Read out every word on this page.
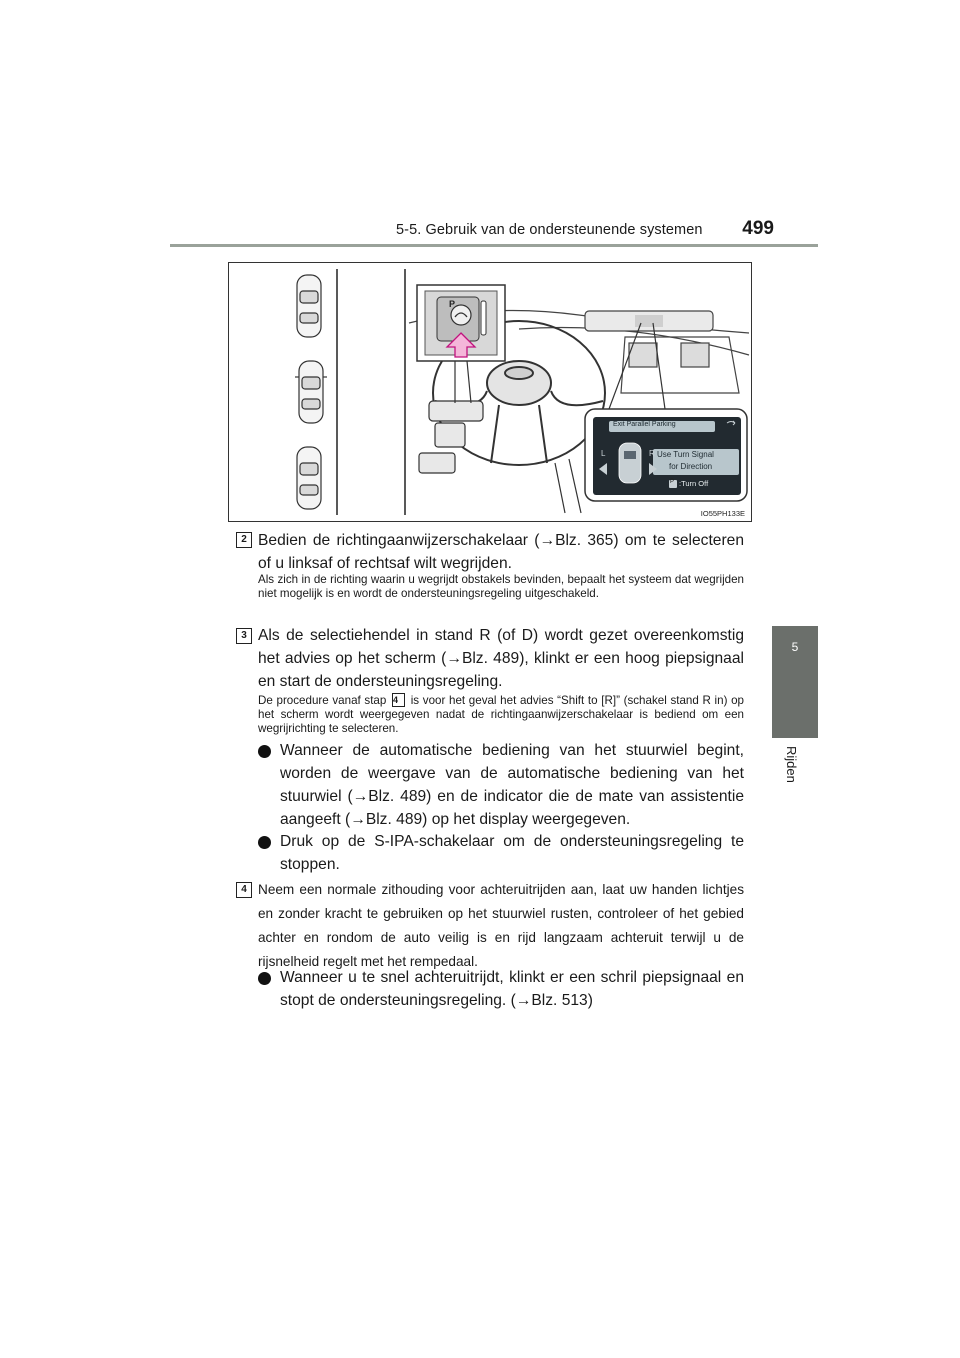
5-5. Gebruik van de ondersteunende systemen 499
5
Rijden
Exit Parallel Parking
Use Turn Signal
for Direction
:Turn Off
L	R
P
P
IO55PH133E
2 Bedien de richtingaanwijzerschakelaar (→Blz. 365) om te selecteren of u linksaf of rechtsaf wilt wegrijden.
Als zich in de richting waarin u wegrijdt obstakels bevinden, bepaalt het systeem dat wegrijden niet mogelijk is en wordt de ondersteuningsregeling uitgeschakeld.
3 Als de selectiehendel in stand R (of D) wordt gezet overeenkomstig het advies op het scherm (→Blz. 489), klinkt er een hoog piepsignaal en start de ondersteuningsregeling.
De procedure vanaf stap 4 is voor het geval het advies “Shift to [R]” (schakel stand R in) op het scherm wordt weergegeven nadat de richtingaanwijzerschakelaar is bediend om een wegrijrichting te selecteren.
Wanneer de automatische bediening van het stuurwiel begint, worden de weergave van de automatische bediening van het stuurwiel (→Blz. 489) en de indicator die de mate van assistentie aangeeft (→Blz. 489) op het display weergegeven.
Druk op de S-IPA-schakelaar om de ondersteuningsregeling te stoppen.
4 Neem een normale zithouding voor achteruitrijden aan, laat uw handen lichtjes en zonder kracht te gebruiken op het stuurwiel rusten, controleer of het gebied achter en rondom de auto veilig is en rijd langzaam achteruit terwijl u de rijsnelheid regelt met het rempedaal.
Wanneer u te snel achteruitrijdt, klinkt er een schril piepsignaal en stopt de ondersteuningsregeling. (→Blz. 513)
